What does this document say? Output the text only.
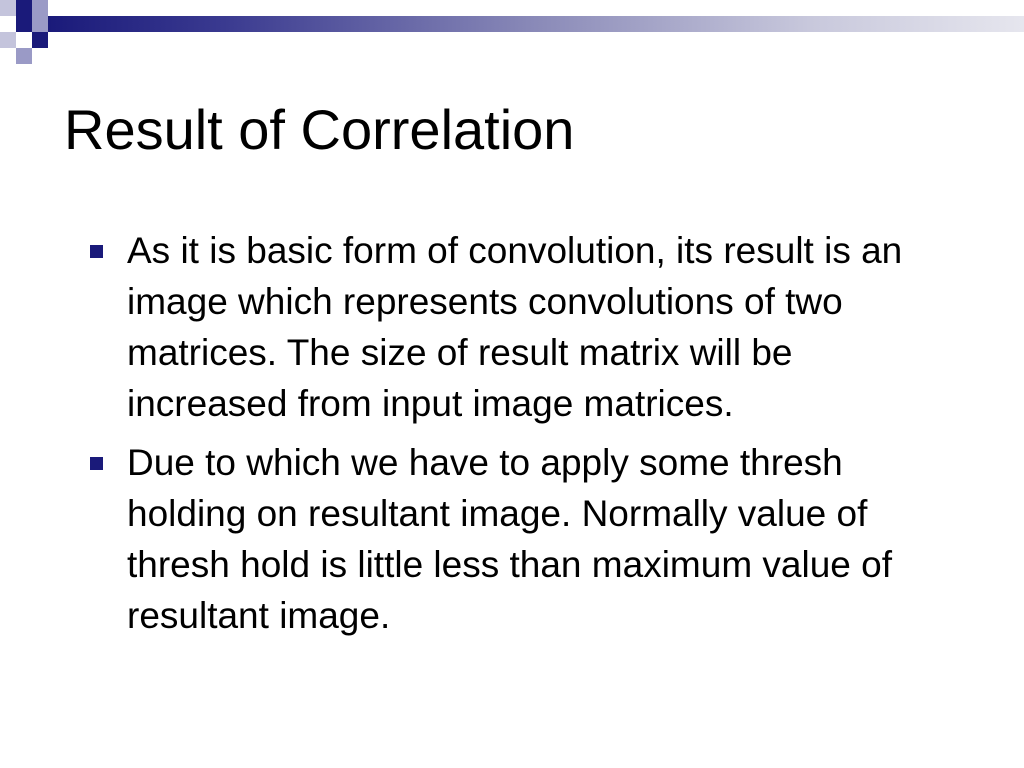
Result of Correlation
As it is basic form of convolution, its result is an image which represents convolutions of two matrices. The size of result matrix will be increased from input image matrices.
Due to which we have to apply some thresh holding on resultant image. Normally value of thresh hold is little less than maximum value of resultant image.
